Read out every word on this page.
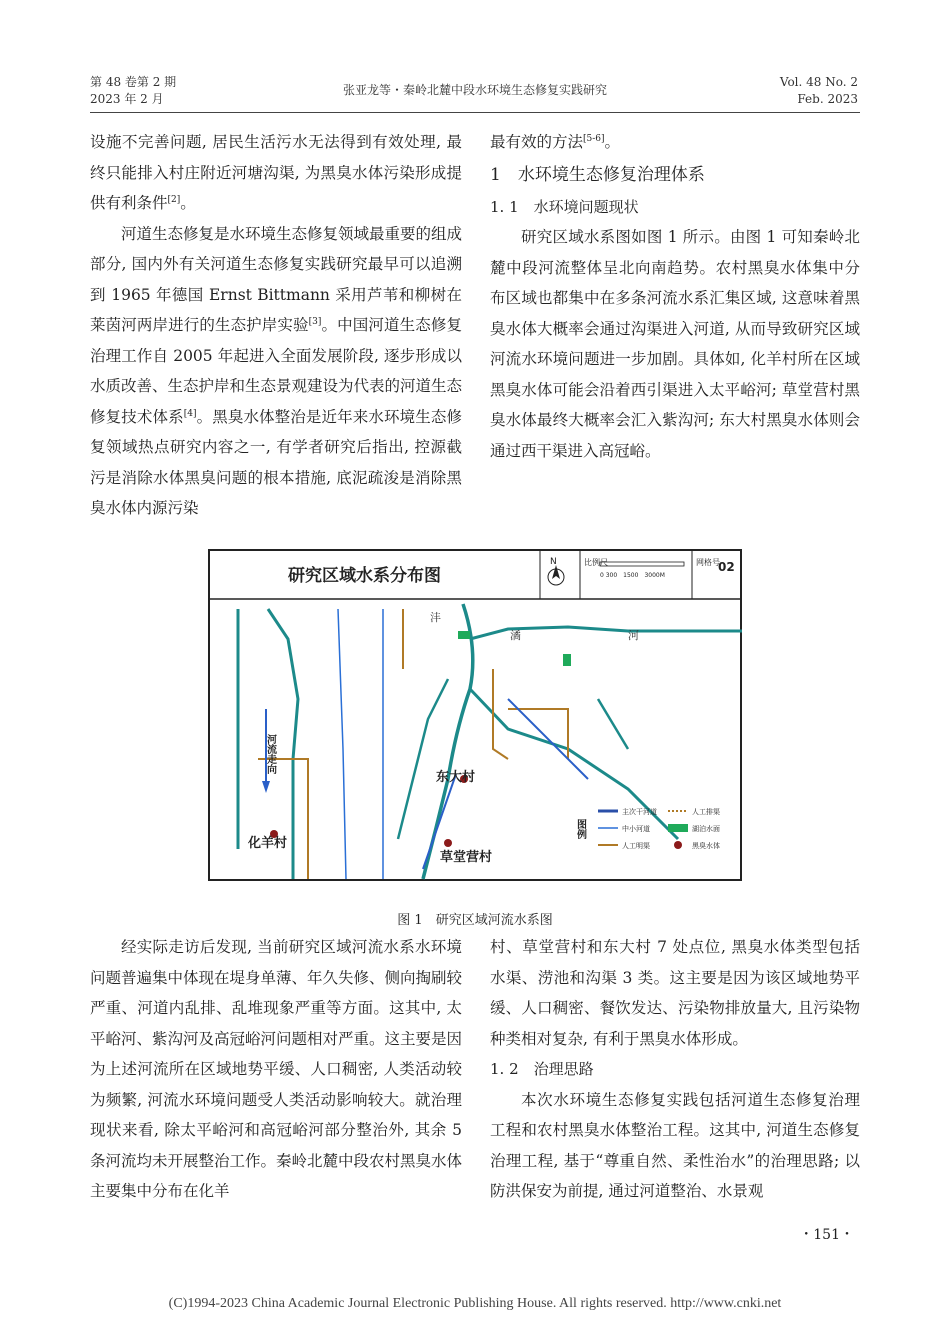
第 48 卷第 2 期
2023 年 2 月
张亚龙等・秦岭北麓中段水环境生态修复实践研究
Vol. 48 No. 2
Feb. 2023

设施不完善问题, 居民生活污水无法得到有效处理, 最终只能排入村庄附近河塘沟渠, 为黑臭水体污染形成提供有利条件[2]。

河道生态修复是水环境生态修复领域最重要的组成部分, 国内外有关河道生态修复实践研究最早可以追溯到 1965 年德国 Ernst Bittmann 采用芦苇和柳树在莱茵河两岸进行的生态护岸实验[3]。中国河道生态修复治理工作自 2005 年起进入全面发展阶段, 逐步形成以水质改善、生态护岸和生态景观建设为代表的河道生态修复技术体系[4]。黑臭水体整治是近年来水环境生态修复领域热点研究内容之一, 有学者研究后指出, 控源截污是消除水体黑臭问题的根本措施, 底泥疏浚是消除黑臭水体内源污染

最有效的方法[5-6]。

1　水环境生态修复治理体系

1. 1　水环境问题现状

研究区域水系图如图 1 所示。由图 1 可知秦岭北麓中段河流整体呈北向南趋势。农村黑臭水体集中分布区域也都集中在多条河流水系汇集区域, 这意味着黑臭水体大概率会通过沟渠进入河道, 从而导致研究区域河流水环境问题进一步加剧。具体如, 化羊村所在区域黑臭水体可能会沿着西引渠进入太平峪河; 草堂营村黑臭水体最终大概率会汇入紫沟河; 东大村黑臭水体则会通过西干渠进入高冠峪。

研究区域水系分布图
N	比例尺
0 300　1500　3000M
网格号
02
河流走向
沣
潏	河
东大村
化羊村
草堂营村
图例
主次干河道	人工排渠
中小河道	湖泊水面
人工明渠	黑臭水体
图 1　研究区域河流水系图

经实际走访后发现, 当前研究区域河流水系水环境问题普遍集中体现在堤身单薄、年久失修、侧向掏刷较严重、河道内乱排、乱堆现象严重等方面。这其中, 太平峪河、紫沟河及高冠峪河问题相对严重。这主要是因为上述河流所在区域地势平缓、人口稠密, 人类活动较为频繁, 河流水环境问题受人类活动影响较大。就治理现状来看, 除太平峪河和高冠峪河部分整治外, 其余 5 条河流均未开展整治工作。秦岭北麓中段农村黑臭水体主要集中分布在化羊

村、草堂营村和东大村 7 处点位, 黑臭水体类型包括水渠、涝池和沟渠 3 类。这主要是因为该区域地势平缓、人口稠密、餐饮发达、污染物排放量大, 且污染物种类相对复杂, 有利于黑臭水体形成。

1. 2　治理思路

本次水环境生态修复实践包括河道生态修复治理工程和农村黑臭水体整治工程。这其中, 河道生态修复治理工程, 基于“尊重自然、柔性治水”的治理思路; 以防洪保安为前提, 通过河道整治、水景观

・151・
(C)1994-2023 China Academic Journal Electronic Publishing House. All rights reserved. http://www.cnki.net
